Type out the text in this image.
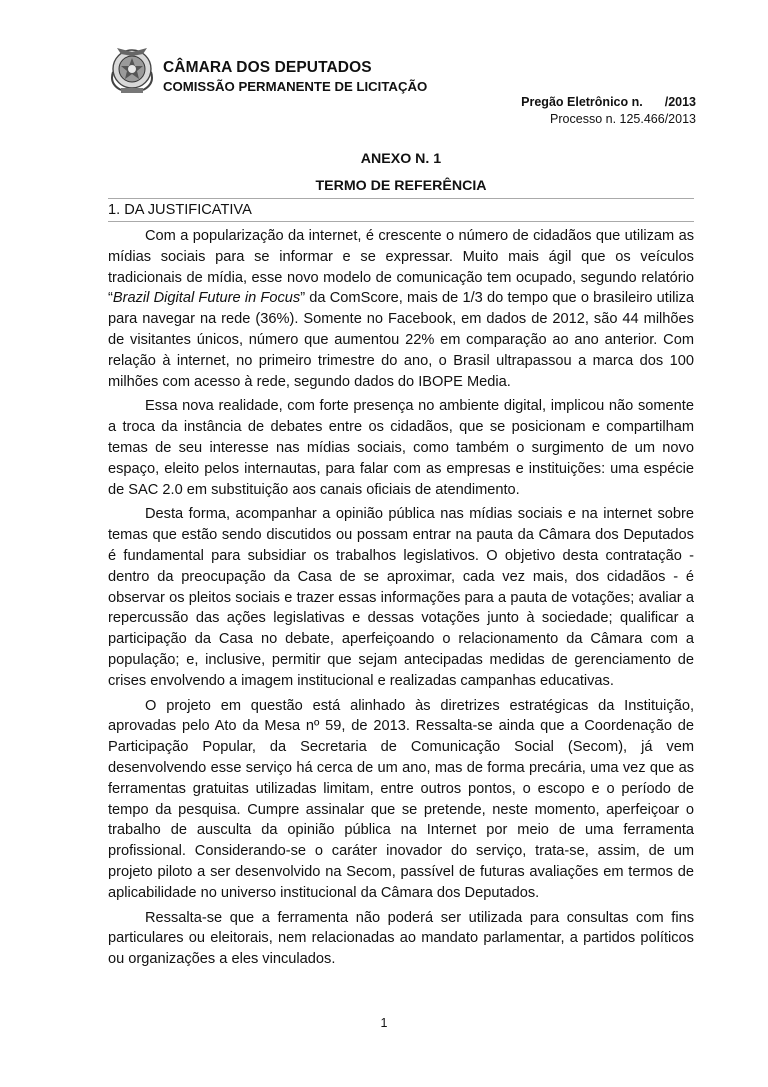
CÂMARA DOS DEPUTADOS
COMISSÃO PERMANENTE DE LICITAÇÃO
Pregão Eletrônico n. /2013
Processo n. 125.466/2013
ANEXO N. 1
TERMO DE REFERÊNCIA
1. DA JUSTIFICATIVA

Com a popularização da internet, é crescente o número de cidadãos que utilizam as mídias sociais para se informar e se expressar. Muito mais ágil que os veículos tradicionais de mídia, esse novo modelo de comunicação tem ocupado, segundo relatório “Brazil Digital Future in Focus” da ComScore, mais de 1/3 do tempo que o brasileiro utiliza para navegar na rede (36%). Somente no Facebook, em dados de 2012, são 44 milhões de visitantes únicos, número que aumentou 22% em comparação ao ano anterior. Com relação à internet, no primeiro trimestre do ano, o Brasil ultrapassou a marca dos 100 milhões com acesso à rede, segundo dados do IBOPE Media.

Essa nova realidade, com forte presença no ambiente digital, implicou não somente a troca da instância de debates entre os cidadãos, que se posicionam e compartilham temas de seu interesse nas mídias sociais, como também o surgimento de um novo espaço, eleito pelos internautas, para falar com as empresas e instituições: uma espécie de SAC 2.0 em substituição aos canais oficiais de atendimento.

Desta forma, acompanhar a opinião pública nas mídias sociais e na internet sobre temas que estão sendo discutidos ou possam entrar na pauta da Câmara dos Deputados é fundamental para subsidiar os trabalhos legislativos. O objetivo desta contratação - dentro da preocupação da Casa de se aproximar, cada vez mais, dos cidadãos - é observar os pleitos sociais e trazer essas informações para a pauta de votações; avaliar a repercussão das ações legislativas e dessas votações junto à sociedade; qualificar a participação da Casa no debate, aperfeiçoando o relacionamento da Câmara com a população; e, inclusive, permitir que sejam antecipadas medidas de gerenciamento de crises envolvendo a imagem institucional e realizadas campanhas educativas.

O projeto em questão está alinhado às diretrizes estratégicas da Instituição, aprovadas pelo Ato da Mesa nº 59, de 2013. Ressalta-se ainda que a Coordenação de Participação Popular, da Secretaria de Comunicação Social (Secom), já vem desenvolvendo esse serviço há cerca de um ano, mas de forma precária, uma vez que as ferramentas gratuitas utilizadas limitam, entre outros pontos, o escopo e o período de tempo da pesquisa. Cumpre assinalar que se pretende, neste momento, aperfeiçoar o trabalho de ausculta da opinião pública na Internet por meio de uma ferramenta profissional. Considerando-se o caráter inovador do serviço, trata-se, assim, de um projeto piloto a ser desenvolvido na Secom, passível de futuras avaliações em termos de aplicabilidade no universo institucional da Câmara dos Deputados.

Ressalta-se que a ferramenta não poderá ser utilizada para consultas com fins particulares ou eleitorais, nem relacionadas ao mandato parlamentar, a partidos políticos ou organizações a eles vinculados.

1
